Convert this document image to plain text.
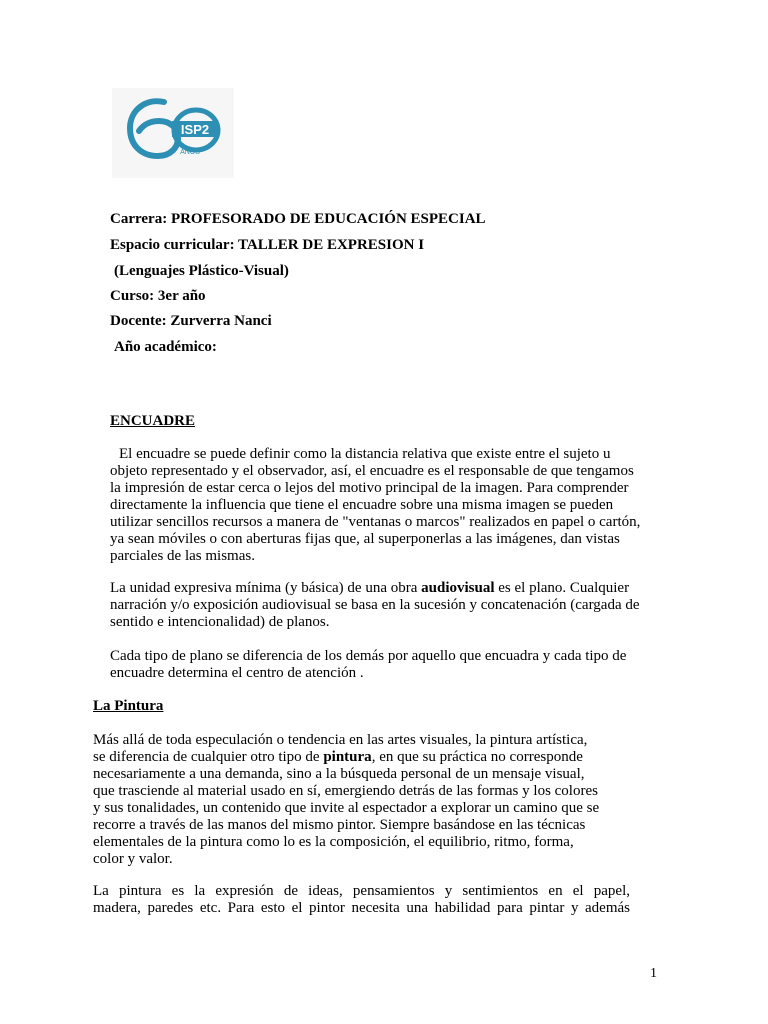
ISP2
AÑOS
Carrera: PROFESORADO DE EDUCACIÓN ESPECIAL
Espacio curricular: TALLER DE EXPRESION I
(Lenguajes Plástico-Visual)
Curso: 3er año
Docente: Zurverra Nanci
Año académico:
ENCUADRE
El encuadre se puede definir como la distancia relativa que existe entre el sujeto u
objeto representado y el observador, así, el encuadre es el responsable de que tengamos
la impresión de estar cerca o lejos del motivo principal de la imagen. Para comprender
directamente la influencia que tiene el encuadre sobre una misma imagen se pueden
utilizar sencillos recursos a manera de "ventanas o marcos" realizados en papel o cartón,
ya sean móviles o con aberturas fijas que, al superponerlas a las imágenes, dan vistas
parciales de las mismas.
La unidad expresiva mínima (y básica) de una obra audiovisual es el plano. Cualquier
narración y/o exposición audiovisual se basa en la sucesión y concatenación (cargada de
sentido e intencionalidad) de planos.
Cada tipo de plano se diferencia de los demás por aquello que encuadra y cada tipo de
encuadre determina el centro de atención .
La Pintura
Más allá de toda especulación o tendencia en las artes visuales, la pintura artística,
se diferencia de cualquier otro tipo de pintura, en que su práctica no corresponde
necesariamente a una demanda, sino a la búsqueda personal de un mensaje visual,
que trasciende al material usado en sí, emergiendo detrás de las formas y los colores
y sus tonalidades, un contenido que invite al espectador a explorar un camino que se
recorre a través de las manos del mismo pintor. Siempre basándose en las técnicas
elementales de la pintura como lo es la composición, el equilibrio, ritmo, forma,
color y valor.
La pintura es la expresión de ideas, pensamientos y sentimientos en el papel,
madera, paredes etc. Para esto el pintor necesita una habilidad para pintar y además
1
